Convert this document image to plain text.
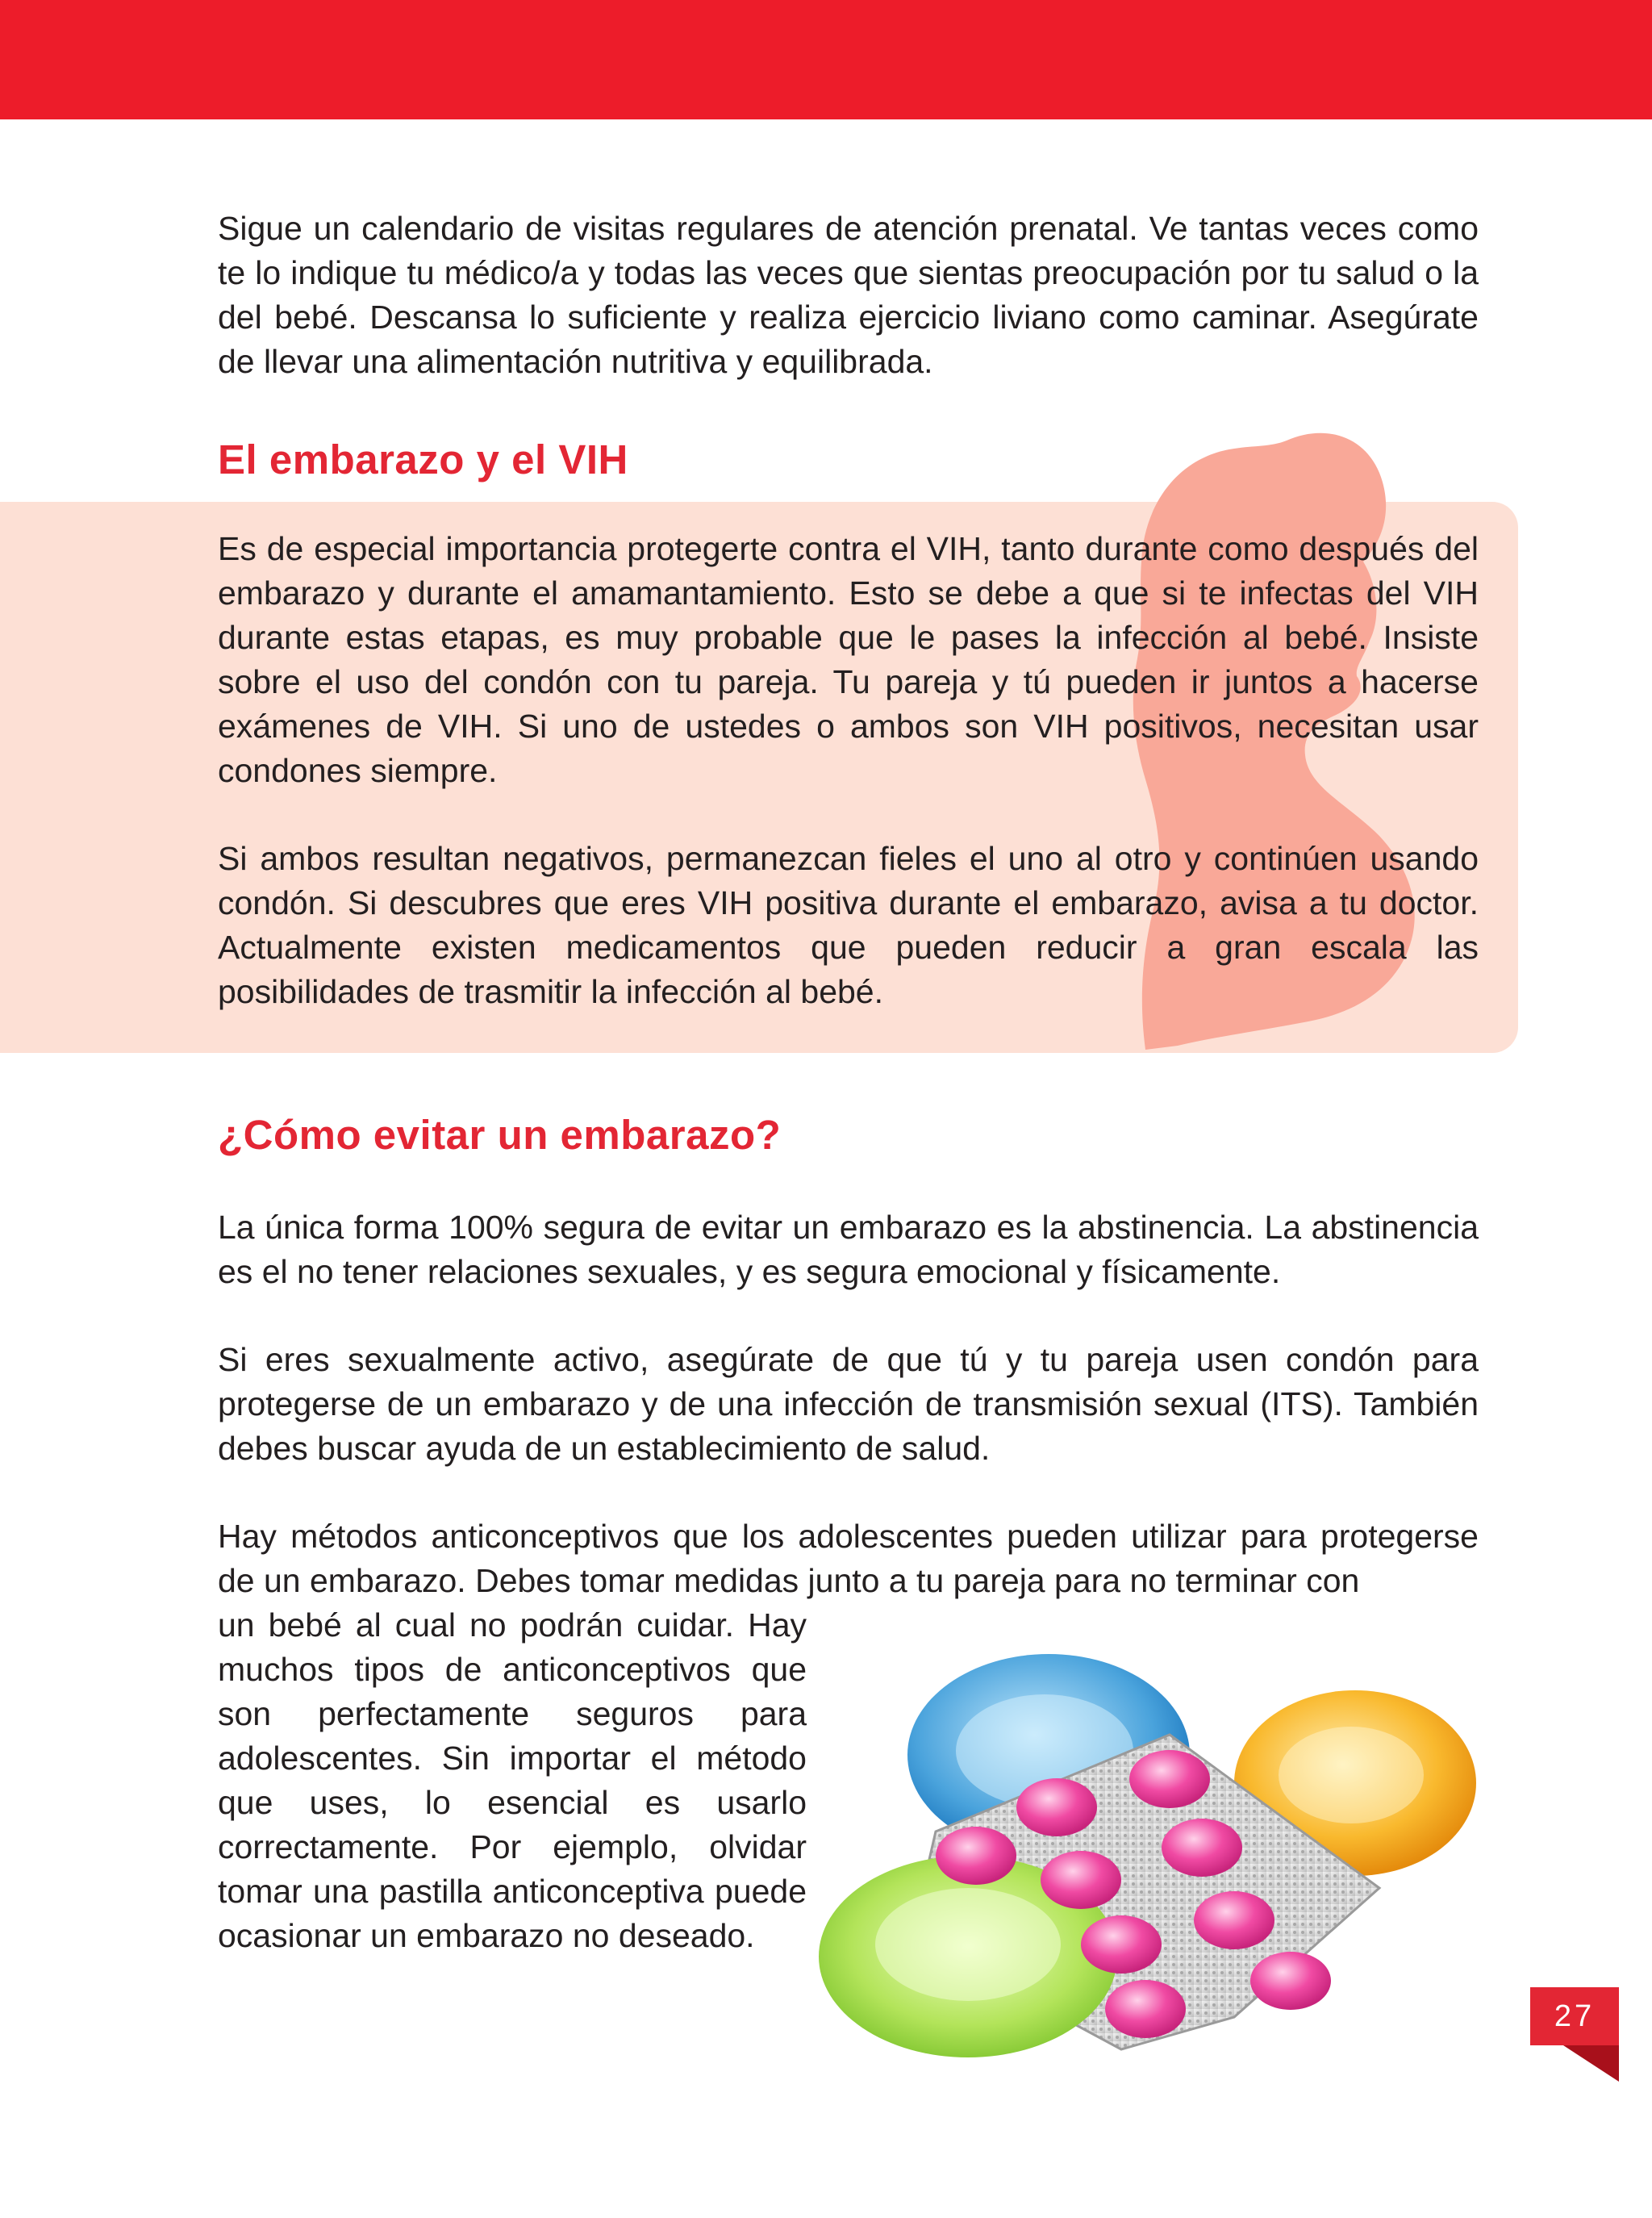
Sigue un calendario de visitas regulares de atención prenatal. Ve tantas veces como te lo indique tu médico/a y todas las veces que sientas preocupación por tu salud o la del bebé. Descansa lo suficiente y realiza ejercicio liviano como caminar. Asegúrate de llevar una alimentación nutritiva y equilibrada.

El embarazo y el VIH

Es de especial importancia protegerte contra el VIH, tanto durante como después del embarazo y durante el amamantamiento. Esto se debe a que si te infectas del VIH durante estas etapas, es muy probable que le pases la infección al bebé. Insiste sobre el uso del condón con tu pareja. Tu pareja y tú pueden ir juntos a hacerse exámenes de VIH. Si uno de ustedes o ambos son VIH positivos, necesitan usar condones siempre.

Si ambos resultan negativos, permanezcan fieles el uno al otro y continúen usando condón. Si descubres que eres VIH positiva durante el embarazo, avisa a tu doctor. Actualmente existen medicamentos que pueden reducir a gran escala las posibilidades de trasmitir la infección al bebé.

¿Cómo evitar un embarazo?

La única forma 100% segura de evitar un embarazo es la abstinencia. La abstinencia es el no tener relaciones sexuales, y es segura emocional y físicamente.

Si eres sexualmente activo, asegúrate de que tú y tu pareja usen condón para protegerse de un embarazo y de una infección de transmisión sexual (ITS). También debes buscar ayuda de un establecimiento de salud.

Hay métodos anticonceptivos que los adolescentes pueden utilizar para protegerse de un embarazo. Debes tomar medidas junto a tu pareja para no terminar con

un bebé al cual no podrán cuidar. Hay muchos tipos de anticonceptivos que son perfectamente seguros para adolescentes. Sin importar el método que uses, lo esencial es usarlo correctamente. Por ejemplo, olvidar tomar una pastilla anticonceptiva puede ocasionar un embarazo no deseado.

27
